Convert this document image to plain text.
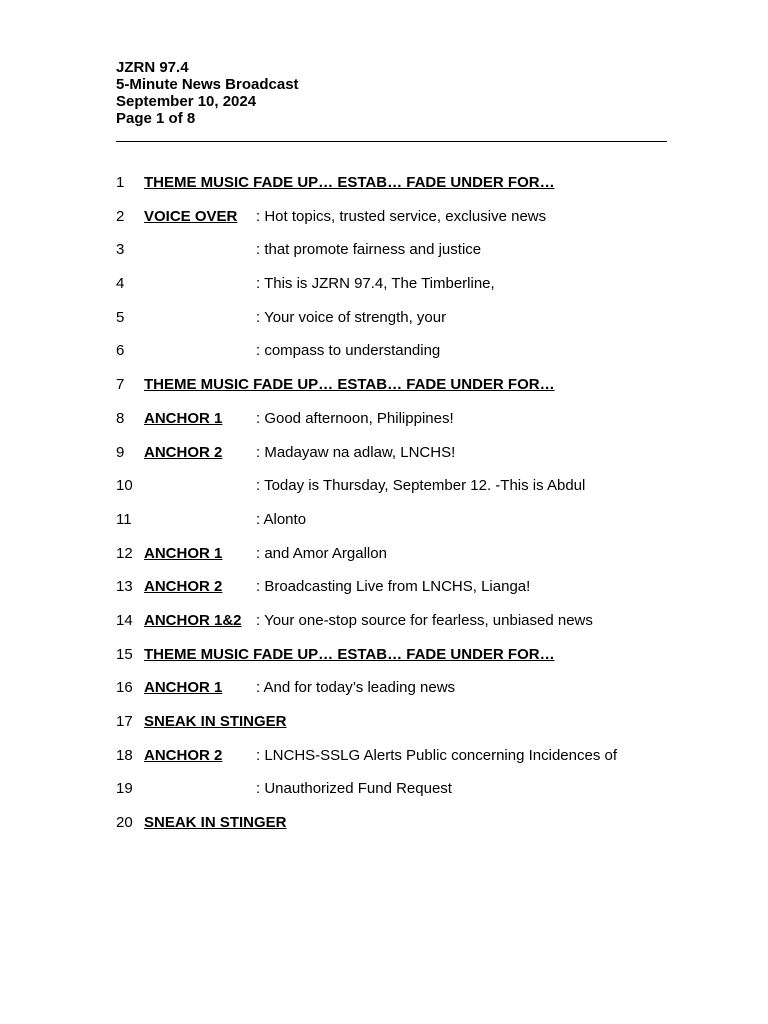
JZRN 97.4
5-Minute News Broadcast
September 10, 2024
Page 1 of 8
1 THEME MUSIC FADE UP… ESTAB… FADE UNDER FOR…
2 VOICE OVER : Hot topics, trusted service, exclusive news
3	: that promote fairness and justice
4	: This is JZRN 97.4, The Timberline,
5	: Your voice of strength, your
6	: compass to understanding
7 THEME MUSIC FADE UP… ESTAB… FADE UNDER FOR…
8 ANCHOR 1 : Good afternoon, Philippines!
9 ANCHOR 2 : Madayaw na adlaw, LNCHS!
10	: Today is Thursday, September 12. -This is Abdul
11	: Alonto
12 ANCHOR 1 : and Amor Argallon
13 ANCHOR 2 : Broadcasting Live from LNCHS, Lianga!
14 ANCHOR 1&2 : Your one-stop source for fearless, unbiased news
15 THEME MUSIC FADE UP… ESTAB… FADE UNDER FOR…
16 ANCHOR 1 : And for today’s leading news
17 SNEAK IN STINGER
18 ANCHOR 2 : LNCHS-SSLG Alerts Public concerning Incidences of
19	: Unauthorized Fund Request
20 SNEAK IN STINGER
